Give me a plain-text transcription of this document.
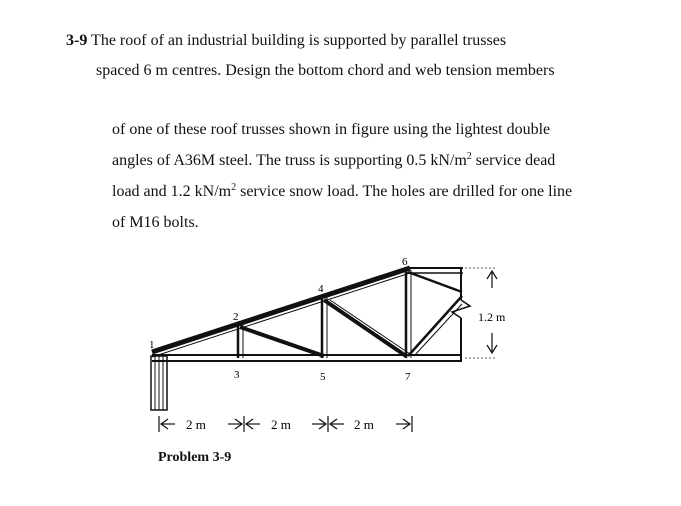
3-9 The roof of an industrial building is supported by parallel trusses
spaced 6 m centres. Design the bottom chord and web tension members
of one of these roof trusses shown in figure using the lightest double
angles of A36M steel. The truss is supporting 0.5 $kN/m^2$ service dead
load and 1.2 $kN/m^2$ service snow load. The holes are drilled for one line
of M16 bolts.
1.2 m
1
2
3
4
5
6
7
2 m	2 m	2 m
Problem 3-9
